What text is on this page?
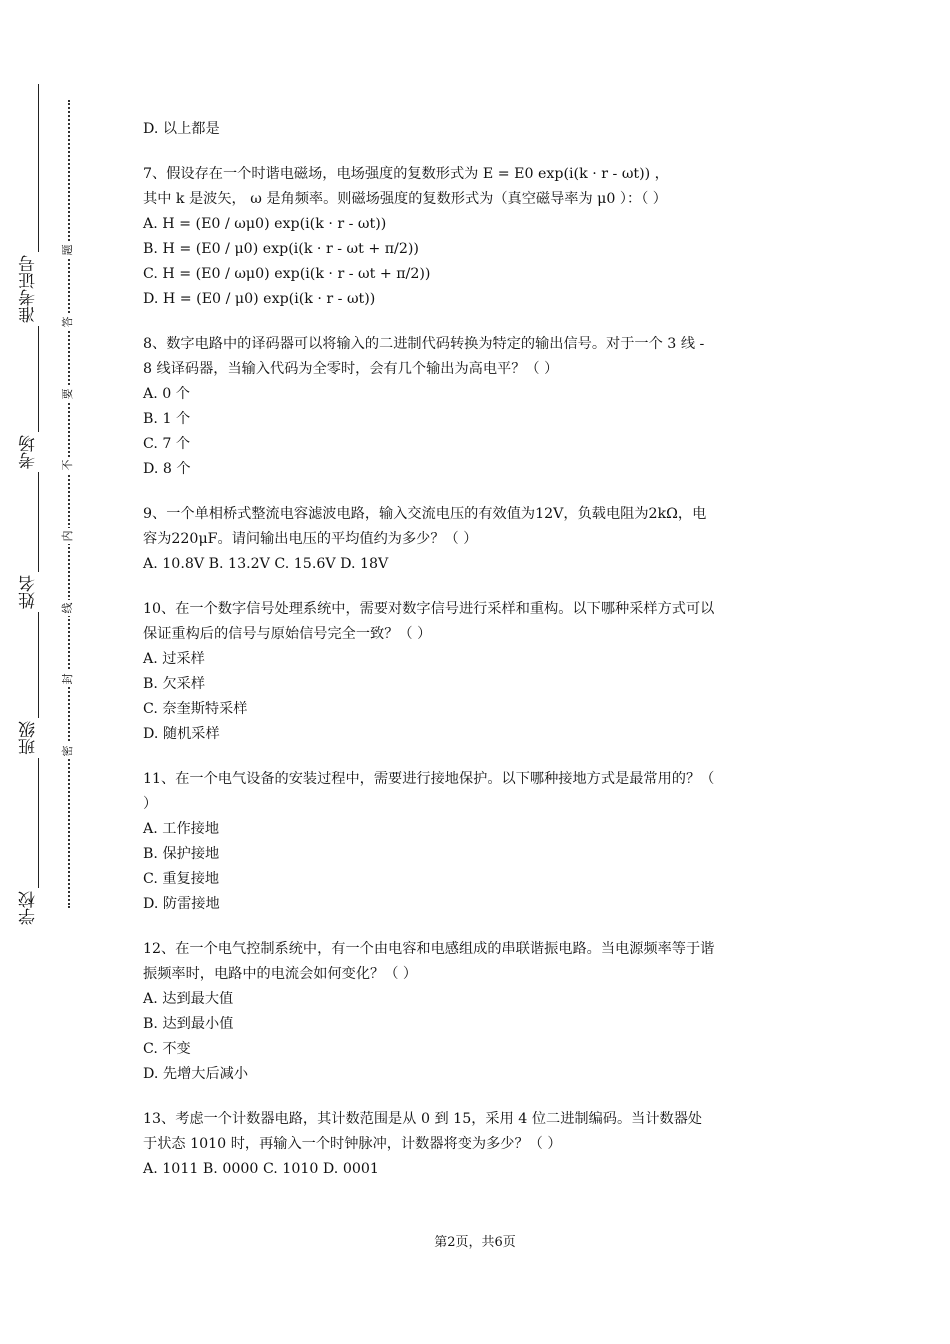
准考证号
考场
姓名
班级
学校
题
答
要
不
内
线
封
密
D. 以上都是
7、假设存在一个时谐电磁场，电场强度的复数形式为 E = E0 exp(i(k · r - ωt)) ，
其中 k 是波矢， ω 是角频率。则磁场强度的复数形式为（真空磁导率为 μ0 ）：（ ）
A. H = (E0 / ωμ0) exp(i(k · r - ωt))
B. H = (E0 / μ0) exp(i(k · r - ωt + π/2))
C. H = (E0 / ωμ0) exp(i(k · r - ωt + π/2))
D. H = (E0 / μ0) exp(i(k · r - ωt))
8、数字电路中的译码器可以将输入的二进制代码转换为特定的输出信号。对于一个 3 线 -
8 线译码器，当输入代码为全零时，会有几个输出为高电平？（ ）
A. 0 个
B. 1 个
C. 7 个
D. 8 个
9、一个单相桥式整流电容滤波电路，输入交流电压的有效值为12V，负载电阻为2kΩ，电
容为220μF。请问输出电压的平均值约为多少？（ ）
A. 10.8V B. 13.2V C. 15.6V D. 18V
10、在一个数字信号处理系统中，需要对数字信号进行采样和重构。以下哪种采样方式可以
保证重构后的信号与原始信号完全一致？（ ）
A. 过采样
B. 欠采样
C. 奈奎斯特采样
D. 随机采样
11、在一个电气设备的安装过程中，需要进行接地保护。以下哪种接地方式是最常用的？（
）
A. 工作接地
B. 保护接地
C. 重复接地
D. 防雷接地
12、在一个电气控制系统中，有一个由电容和电感组成的串联谐振电路。当电源频率等于谐
振频率时，电路中的电流会如何变化？（ ）
A. 达到最大值
B. 达到最小值
C. 不变
D. 先增大后减小
13、考虑一个计数器电路，其计数范围是从 0 到 15，采用 4 位二进制编码。当计数器处
于状态 1010 时，再输入一个时钟脉冲，计数器将变为多少？（ ）
A. 1011 B. 0000 C. 1010 D. 0001
第2页，共6页
